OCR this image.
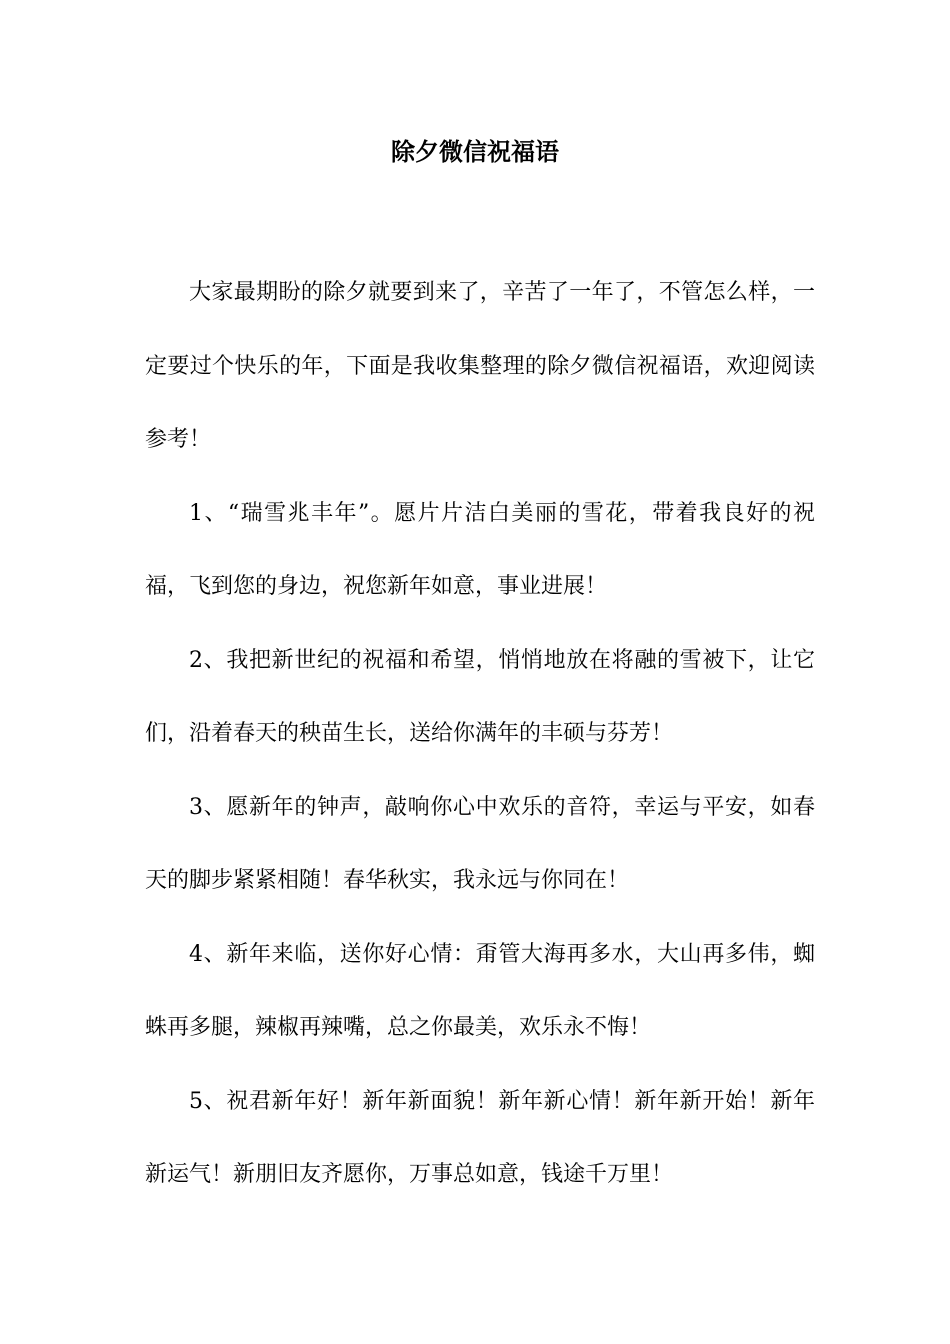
除夕微信祝福语

大家最期盼的除夕就要到来了，辛苦了一年了，不管怎么样，一定要过个快乐的年，下面是我收集整理的除夕微信祝福语，欢迎阅读参考！

1、“瑞雪兆丰年”。愿片片洁白美丽的雪花，带着我良好的祝福，飞到您的身边，祝您新年如意，事业进展！

2、我把新世纪的祝福和希望，悄悄地放在将融的雪被下，让它们，沿着春天的秧苗生长，送给你满年的丰硕与芬芳！

3、愿新年的钟声，敲响你心中欢乐的音符，幸运与平安，如春天的脚步紧紧相随！春华秋实，我永远与你同在！

4、新年来临，送你好心情：甭管大海再多水，大山再多伟，蜘蛛再多腿，辣椒再辣嘴，总之你最美，欢乐永不悔！

5、祝君新年好！新年新面貌！新年新心情！新年新开始！新年新运气！新朋旧友齐愿你，万事总如意，钱途千万里！
